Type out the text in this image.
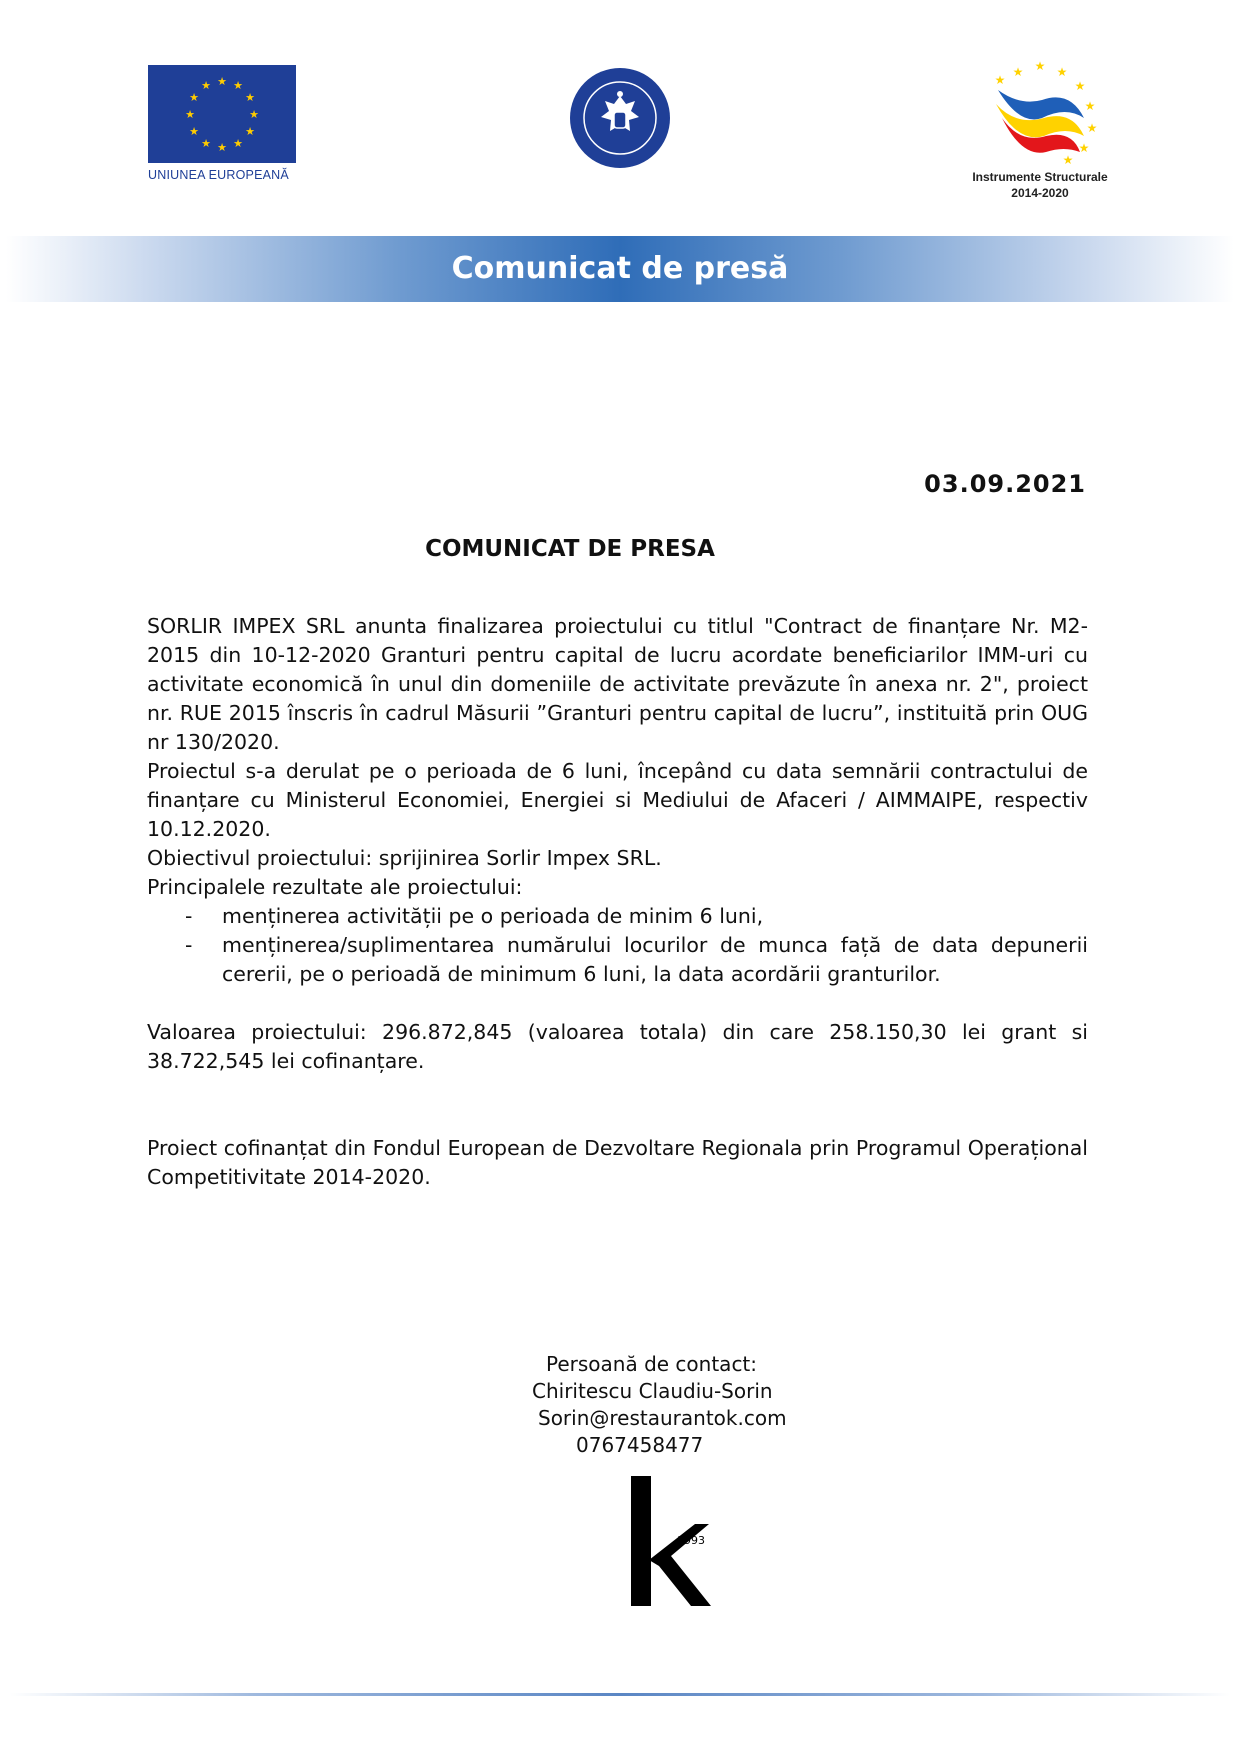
★ ★
★
★
★
★
★
★
★
★
★
★
UNIUNEA EUROPEANĂ
★ ★ ★
★
★
★
★
★
★
Instrumente Structurale
2014-2020
Comunicat de presă
03.09.2021
COMUNICAT DE PRESA

SORLIR IMPEX SRL anunta finalizarea proiectului cu titlul "Contract de finanțare Nr. M2-2015 din 10-12-2020 Granturi pentru capital de lucru acordate beneficiarilor IMM-uri cu activitate economică în unul din domeniile de activitate prevăzute în anexa nr. 2", proiect nr. RUE 2015 înscris în cadrul Măsurii ”Granturi pentru capital de lucru”, instituită prin OUG nr 130/2020.

Proiectul s-a derulat pe o perioada de 6 luni, începând cu data semnării contractului de finanțare cu Ministerul Economiei, Energiei si Mediului de Afaceri / AIMMAIPE, respectiv 10.12.2020.

Obiectivul proiectului: sprijinirea Sorlir Impex SRL.

Principalele rezultate ale proiectului:

- menținerea activității pe o perioada de minim 6 luni,
- menținerea/suplimentarea numărului locurilor de munca față de data depunerii cererii, pe o perioadă de minimum 6 luni, la data acordării granturilor.

Valoarea proiectului: 296.872,845 (valoarea totala) din care 258.150,30 lei grant si 38.722,545 lei cofinanțare.

Proiect cofinanțat din Fondul European de Dezvoltare Regionala prin Programul Operațional Competitivitate 2014-2020.

Persoană de contact:
Chiritescu Claudiu-Sorin
Sorin@restaurantok.com
0767458477
1993
